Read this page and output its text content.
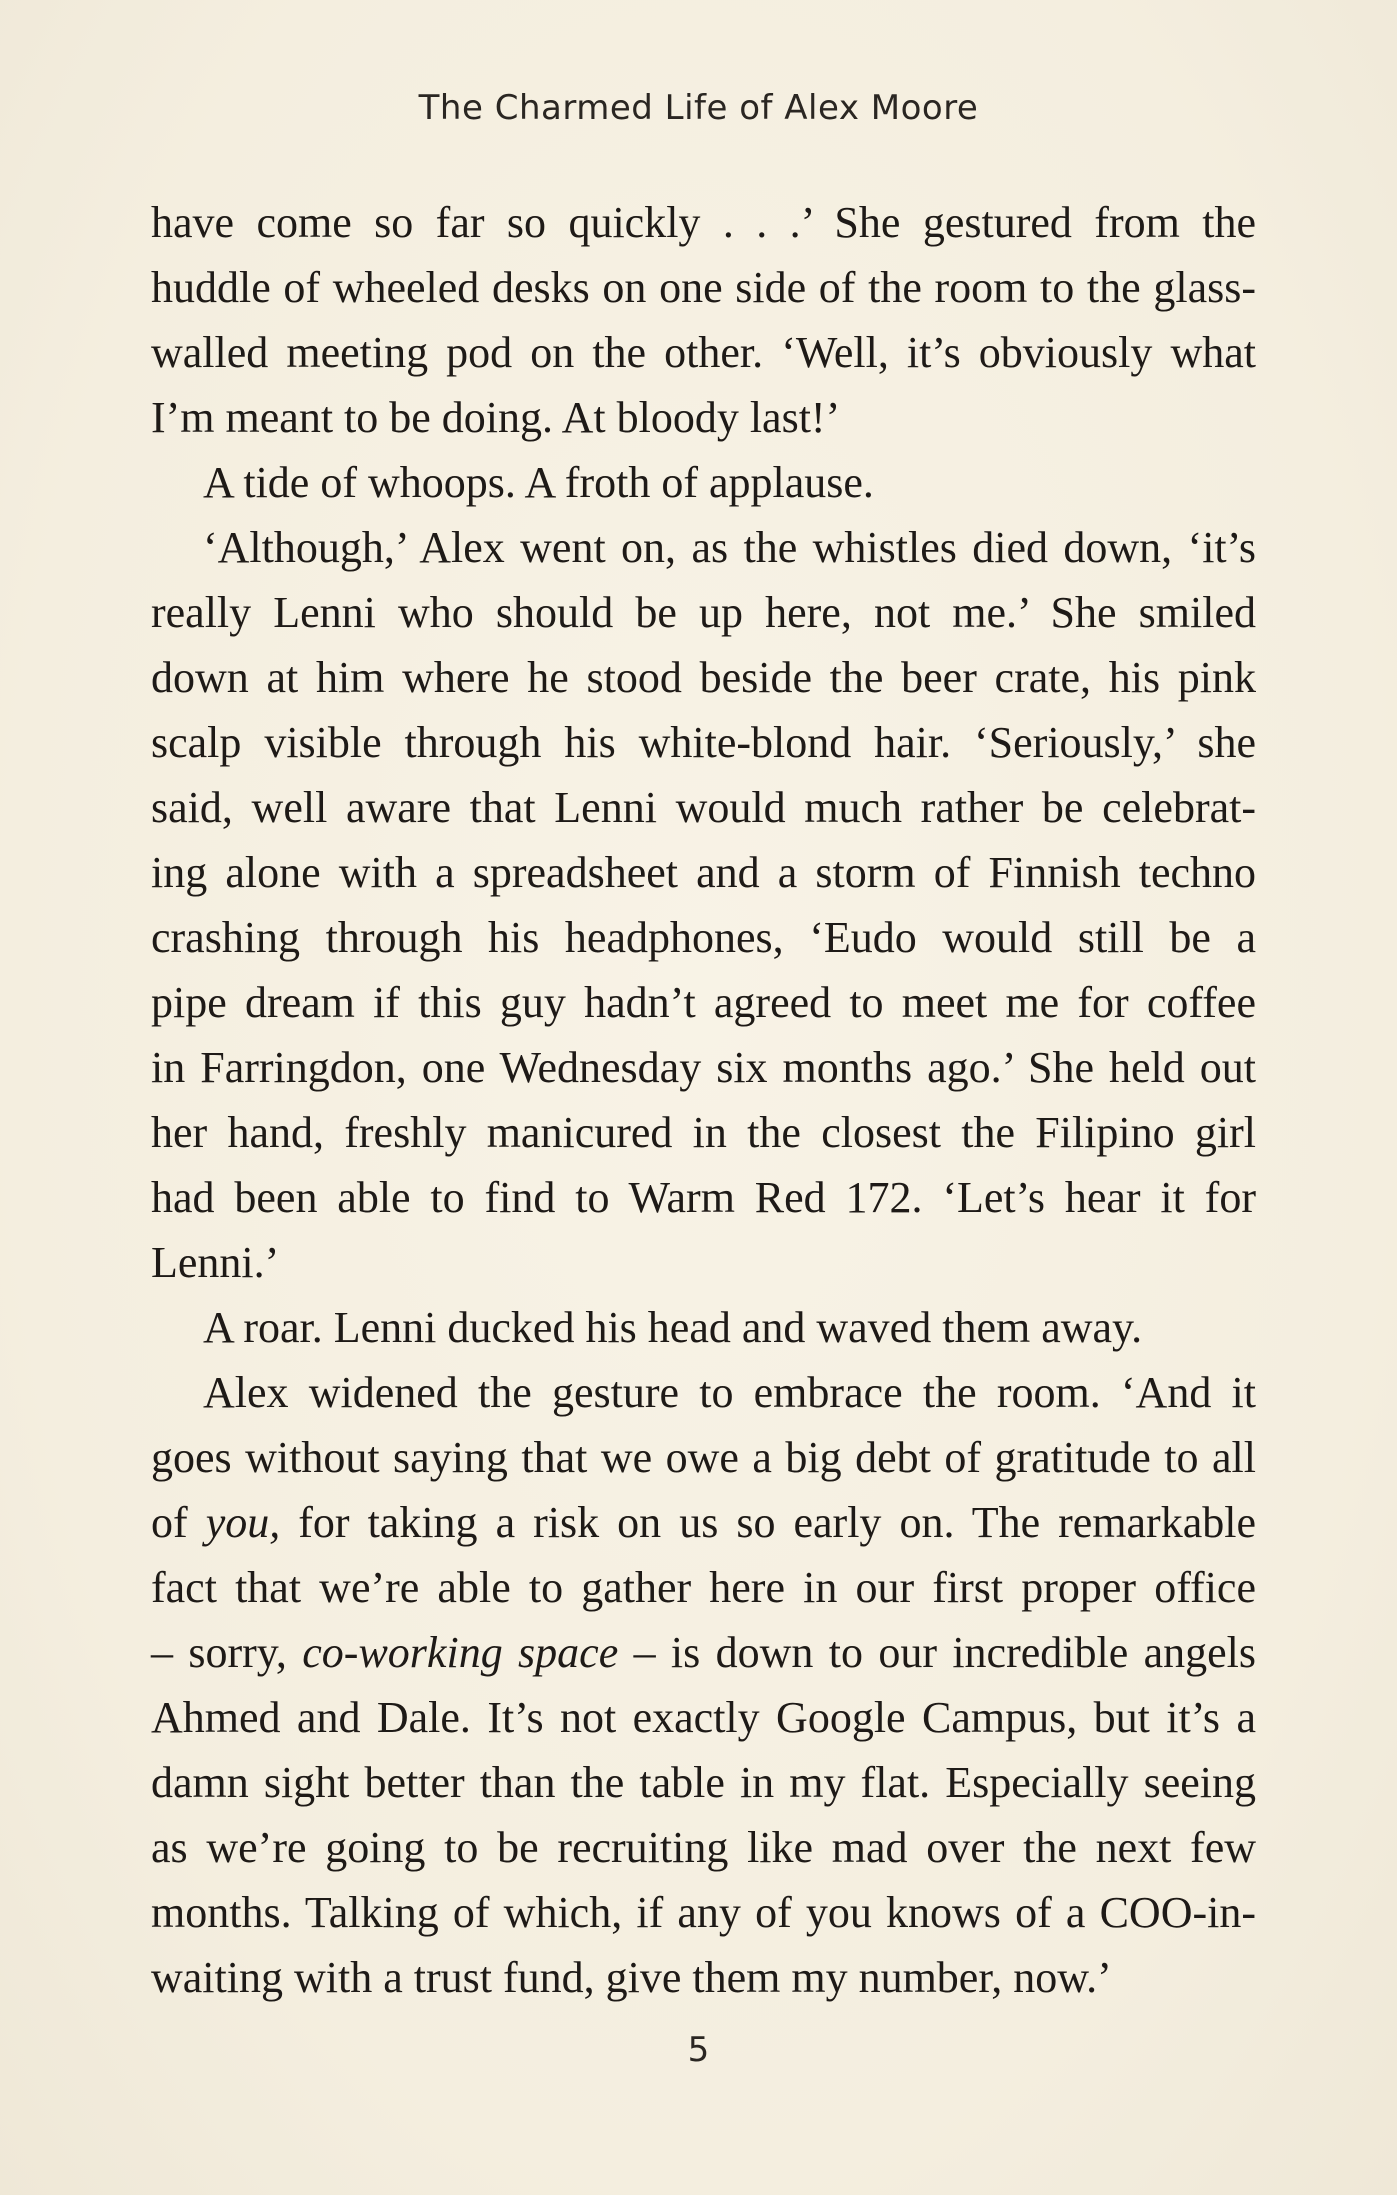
The Charmed Life of Alex Moore
have come so far so quickly . . .’ She gestured from the
huddle of wheeled desks on one side of the room to the glass-
walled meeting pod on the other. ‘Well, it’s obviously what
I’m meant to be doing. At bloody last!’
A tide of whoops. A froth of applause.
‘Although,’ Alex went on, as the whistles died down, ‘it’s
really Lenni who should be up here, not me.’ She smiled
down at him where he stood beside the beer crate, his pink
scalp visible through his white-blond hair. ‘Seriously,’ she
said, well aware that Lenni would much rather be celebrat-
ing alone with a spreadsheet and a storm of Finnish techno
crashing through his headphones, ‘Eudo would still be a
pipe dream if this guy hadn’t agreed to meet me for coffee
in Farringdon, one Wednesday six months ago.’ She held out
her hand, freshly manicured in the closest the Filipino girl
had been able to find to Warm Red 172. ‘Let’s hear it for
Lenni.’
A roar. Lenni ducked his head and waved them away.
Alex widened the gesture to embrace the room. ‘And it
goes without saying that we owe a big debt of gratitude to all
of you, for taking a risk on us so early on. The remarkable
fact that we’re able to gather here in our first proper office
– sorry, co-working space – is down to our incredible angels
Ahmed and Dale. It’s not exactly Google Campus, but it’s a
damn sight better than the table in my flat. Especially seeing
as we’re going to be recruiting like mad over the next few
months. Talking of which, if any of you knows of a COO-in-
waiting with a trust fund, give them my number, now.’
5
